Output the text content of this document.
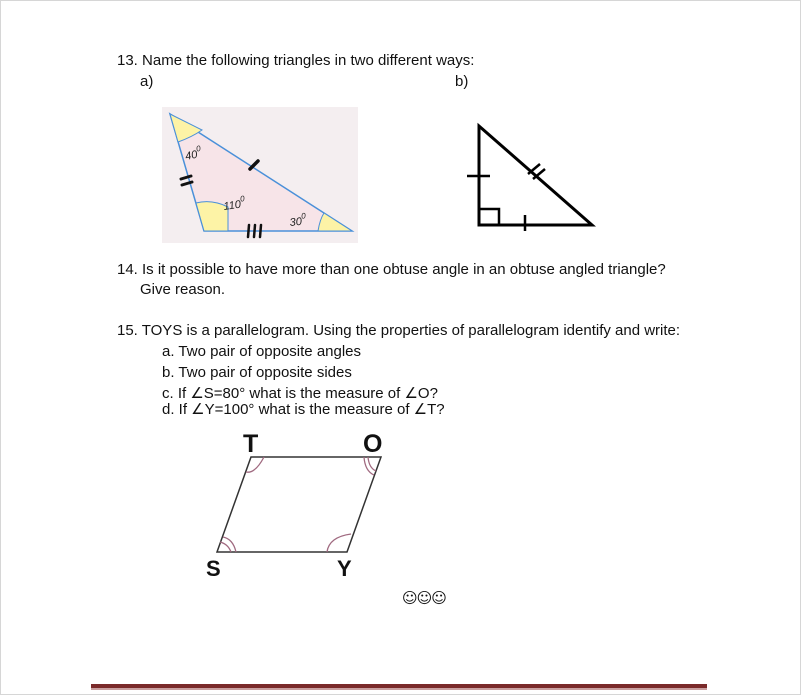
13. Name the following triangles in two different ways:
a)	b)
$40^0$
$110^0$
$30^0$
14. Is it possible to have more than one obtuse angle in an obtuse angled triangle?
Give reason.
15. TOYS is a parallelogram. Using the properties of parallelogram identify and write:
a. Two pair of opposite angles
b. Two pair of opposite sides
c. If ∠S=80° what is the measure of ∠O?
d. If ∠Y=100° what is the measure of ∠T?
T	O
S	Y
☺☺☺
